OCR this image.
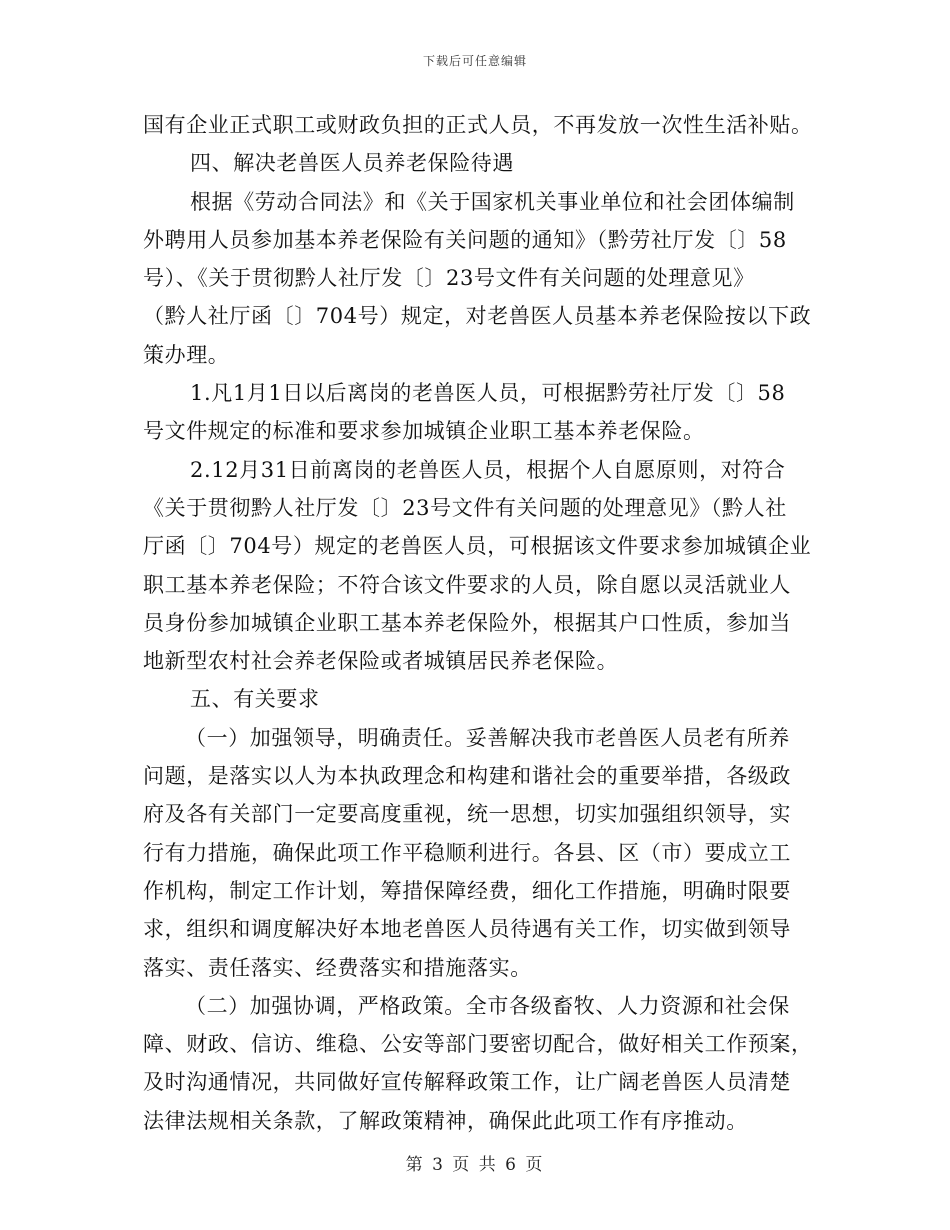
下载后可任意编辑
国有企业正式职工或财政负担的正式人员，不再发放一次性生活补贴。
四、解决老兽医人员养老保险待遇
根据《劳动合同法》和《关于国家机关事业单位和社会团体编制
外聘用人员参加基本养老保险有关问题的通知》（黔劳社厅发〔〕58
号）、《关于贯彻黔人社厅发〔〕23号文件有关问题的处理意见》
（黔人社厅函〔〕704号）规定，对老兽医人员基本养老保险按以下政
策办理。
1.凡1月1日以后离岗的老兽医人员，可根据黔劳社厅发〔〕58
号文件规定的标准和要求参加城镇企业职工基本养老保险。
2.12月31日前离岗的老兽医人员，根据个人自愿原则，对符合
《关于贯彻黔人社厅发〔〕23号文件有关问题的处理意见》（黔人社
厅函〔〕704号）规定的老兽医人员，可根据该文件要求参加城镇企业
职工基本养老保险；不符合该文件要求的人员，除自愿以灵活就业人
员身份参加城镇企业职工基本养老保险外，根据其户口性质，参加当
地新型农村社会养老保险或者城镇居民养老保险。
五、有关要求
（一）加强领导，明确责任。妥善解决我市老兽医人员老有所养
问题，是落实以人为本执政理念和构建和谐社会的重要举措，各级政
府及各有关部门一定要高度重视，统一思想，切实加强组织领导，实
行有力措施，确保此项工作平稳顺利进行。各县、区（市）要成立工
作机构，制定工作计划，筹措保障经费，细化工作措施，明确时限要
求，组织和调度解决好本地老兽医人员待遇有关工作，切实做到领导
落实、责任落实、经费落实和措施落实。
（二）加强协调，严格政策。全市各级畜牧、人力资源和社会保
障、财政、信访、维稳、公安等部门要密切配合，做好相关工作预案，
及时沟通情况，共同做好宣传解释政策工作，让广阔老兽医人员清楚
法律法规相关条款，了解政策精神，确保此此项工作有序推动。
第 3 页 共 6 页
